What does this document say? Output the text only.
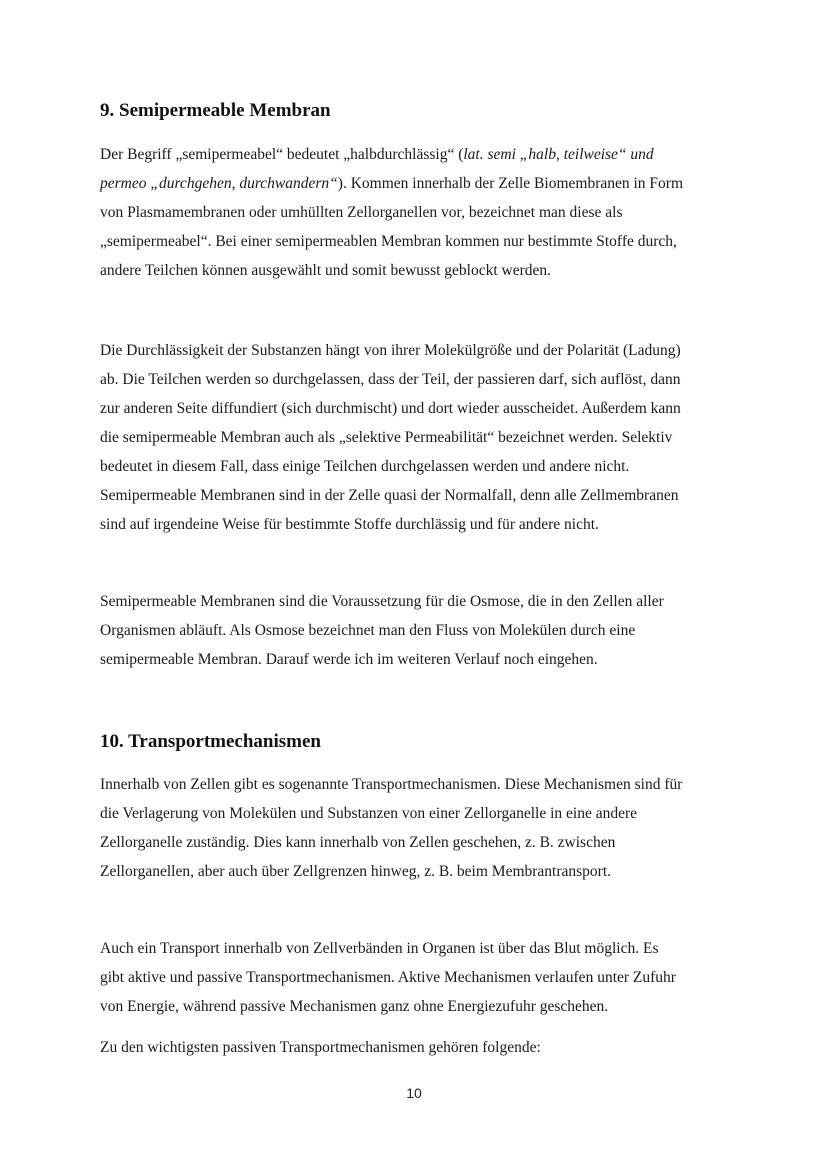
9. Semipermeable Membran

Der Begriff „semipermeabel“ bedeutet „halbdurchlässig“ (lat. semi „halb, teilweise“ und
permeo „durchgehen, durchwandern“). Kommen innerhalb der Zelle Biomembranen in Form
von Plasmamembranen oder umhüllten Zellorganellen vor, bezeichnet man diese als
„semipermeabel“. Bei einer semipermeablen Membran kommen nur bestimmte Stoffe durch,
andere Teilchen können ausgewählt und somit bewusst geblockt werden.

Die Durchlässigkeit der Substanzen hängt von ihrer Molekülgröße und der Polarität (Ladung)
ab. Die Teilchen werden so durchgelassen, dass der Teil, der passieren darf, sich auflöst, dann
zur anderen Seite diffundiert (sich durchmischt) und dort wieder ausscheidet. Außerdem kann
die semipermeable Membran auch als „selektive Permeabilität“ bezeichnet werden. Selektiv
bedeutet in diesem Fall, dass einige Teilchen durchgelassen werden und andere nicht.
Semipermeable Membranen sind in der Zelle quasi der Normalfall, denn alle Zellmembranen
sind auf irgendeine Weise für bestimmte Stoffe durchlässig und für andere nicht.

Semipermeable Membranen sind die Voraussetzung für die Osmose, die in den Zellen aller
Organismen abläuft. Als Osmose bezeichnet man den Fluss von Molekülen durch eine
semipermeable Membran. Darauf werde ich im weiteren Verlauf noch eingehen.

10. Transportmechanismen

Innerhalb von Zellen gibt es sogenannte Transportmechanismen. Diese Mechanismen sind für
die Verlagerung von Molekülen und Substanzen von einer Zellorganelle in eine andere
Zellorganelle zuständig. Dies kann innerhalb von Zellen geschehen, z. B. zwischen
Zellorganellen, aber auch über Zellgrenzen hinweg, z. B. beim Membrantransport.

Auch ein Transport innerhalb von Zellverbänden in Organen ist über das Blut möglich. Es
gibt aktive und passive Transportmechanismen. Aktive Mechanismen verlaufen unter Zufuhr
von Energie, während passive Mechanismen ganz ohne Energiezufuhr geschehen.

Zu den wichtigsten passiven Transportmechanismen gehören folgende:

10
